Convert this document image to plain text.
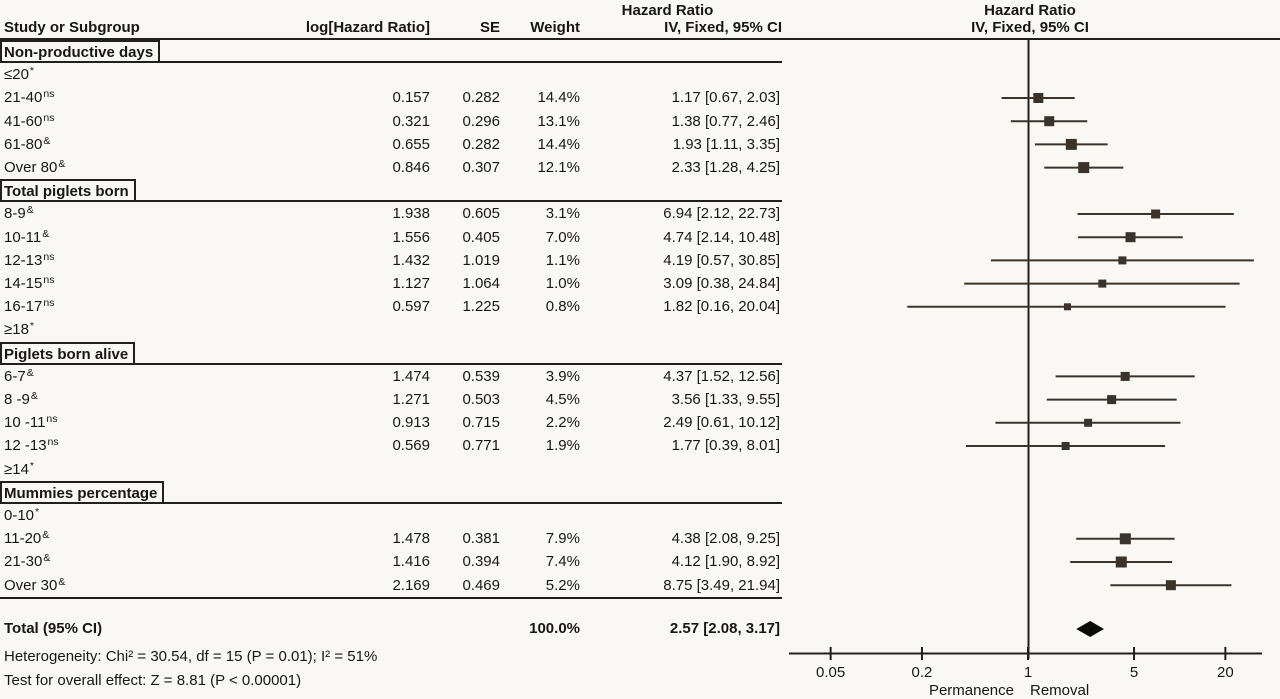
Study or Subgroup	log[Hazard Ratio]	SE Weight
Hazard Ratio
IV, Fixed, 95% CI
Hazard Ratio
IV, Fixed, 95% CI
Non-productive days
≤20*
$21-40^{ns}$	0.157 0.282 14.4%	1.17 [0.67, 2.03]
$41-60^{ns}$	0.321 0.296 13.1%	1.38 [0.77, 2.46]
61-80&	0.655 0.282 14.4%	1.93 [1.11, 3.35]
Over 80&	0.846 0.307 12.1%	2.33 [1.28, 4.25]
Total piglets born
8-9&	1.938 0.605	3.1%	6.94 [2.12, 22.73]
10-11&	1.556 0.405	7.0%	4.74 [2.14, 10.48]
$12-13^{ns}$	1.432 1.019	1.1%	4.19 [0.57, 30.85]
$14-15^{ns}$	1.127 1.064	1.0%	3.09 [0.38, 24.84]
$16-17^{ns}$	0.597 1.225	0.8%	1.82 [0.16, 20.04]
≥18*
Piglets born alive
6-7&	1.474 0.539	3.9%	4.37 [1.52, 12.56]
8 -9&	1.271 0.503	4.5%	3.56 [1.33, 9.55]
10 $-11^{ns}$	0.913 0.715	2.2%	2.49 [0.61, 10.12]
12 $-13^{ns}$	0.569 0.771	1.9%	1.77 [0.39, 8.01]
≥14*
Mummies percentage
0-10*
11-20&	1.478 0.381	7.9%	4.38 [2.08, 9.25]
21-30&	1.416 0.394	7.4%	4.12 [1.90, 8.92]
Over 30&	2.169 0.469	5.2%	8.75 [3.49, 21.94]
Total (95% CI)	100.0%	2.57 [2.08, 3.17]
Heterogeneity: Chi² = 30.54, df = 15 (P = 0.01); I² = 51%
Test for overall effect: Z = 8.81 (P < 0.00001)	0.05	0.2	1	5	20
Permanence Removal
